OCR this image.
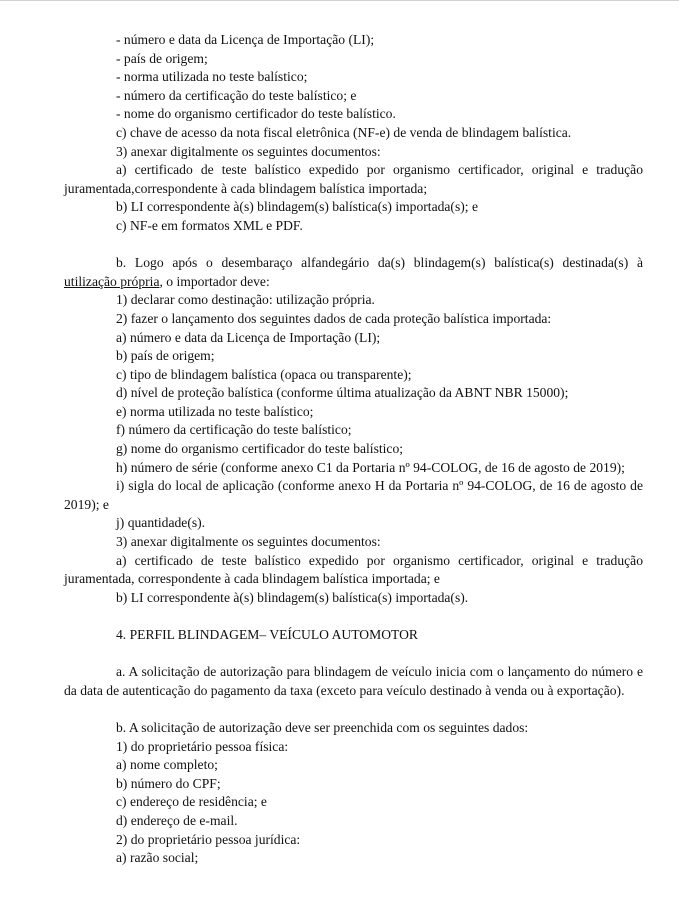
- número e data da Licença de Importação (LI);

- país de origem;

- norma utilizada no teste balístico;

- número da certificação do teste balístico; e

- nome do organismo certificador do teste balístico.

c) chave de acesso da nota fiscal eletrônica (NF-e) de venda de blindagem balística.

3) anexar digitalmente os seguintes documentos:

a) certificado de teste balístico expedido por organismo certificador, original e tradução juramentada,correspondente à cada blindagem balística importada;

b) LI correspondente à(s) blindagem(s) balística(s) importada(s); e

c) NF-e em formatos XML e PDF.

b. Logo após o desembaraço alfandegário da(s) blindagem(s) balística(s) destinada(s) à utilização própria, o importador deve:

1) declarar como destinação: utilização própria.

2) fazer o lançamento dos seguintes dados de cada proteção balística importada:

a) número e data da Licença de Importação (LI);

b) país de origem;

c) tipo de blindagem balística (opaca ou transparente);

d) nível de proteção balística (conforme última atualização da ABNT NBR 15000);

e) norma utilizada no teste balístico;

f) número da certificação do teste balístico;

g) nome do organismo certificador do teste balístico;

h) número de série (conforme anexo C1 da Portaria nº 94-COLOG, de 16 de agosto de 2019);

i) sigla do local de aplicação (conforme anexo H da Portaria nº 94-COLOG, de 16 de agosto de 2019); e

j) quantidade(s).

3) anexar digitalmente os seguintes documentos:

a) certificado de teste balístico expedido por organismo certificador, original e tradução juramentada, correspondente à cada blindagem balística importada; e

b) LI correspondente à(s) blindagem(s) balística(s) importada(s).

4. PERFIL BLINDAGEM– VEÍCULO AUTOMOTOR

a. A solicitação de autorização para blindagem de veículo inicia com o lançamento do número e da data de autenticação do pagamento da taxa (exceto para veículo destinado à venda ou à exportação).

b. A solicitação de autorização deve ser preenchida com os seguintes dados:

1) do proprietário pessoa física:

a) nome completo;

b) número do CPF;

c) endereço de residência; e

d) endereço de e-mail.

2) do proprietário pessoa jurídica:

a) razão social;
